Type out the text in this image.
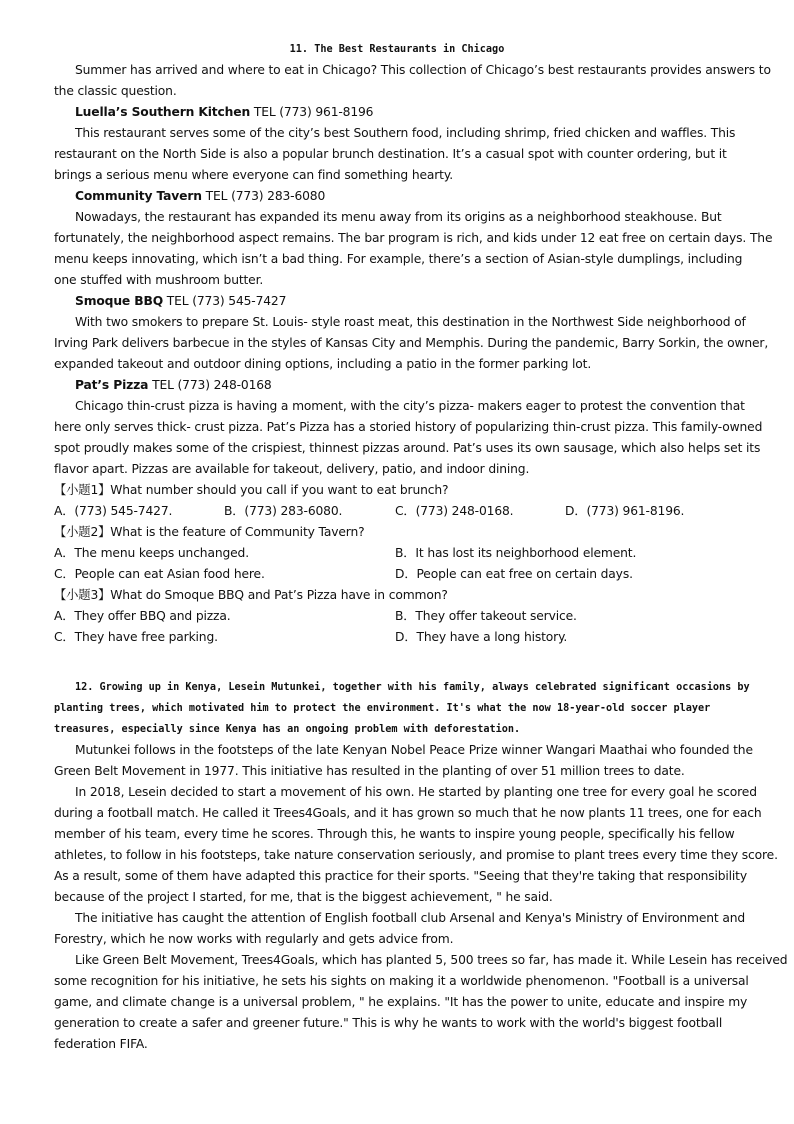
11. The Best Restaurants in Chicago
Summer has arrived and where to eat in Chicago? This collection of Chicago’s best restaurants provides answers to
the classic question.
Luella’s Southern Kitchen TEL (773) 961-8196
This restaurant serves some of the city’s best Southern food, including shrimp, fried chicken and waffles. This
restaurant on the North Side is also a popular brunch destination. It’s a casual spot with counter ordering, but it
brings a serious menu where everyone can find something hearty.
Community Tavern TEL (773) 283-6080
Nowadays, the restaurant has expanded its menu away from its origins as a neighborhood steakhouse. But
fortunately, the neighborhood aspect remains. The bar program is rich, and kids under 12 eat free on certain days. The
menu keeps innovating, which isn’t a bad thing. For example, there’s a section of Asian-style dumplings, including
one stuffed with mushroom butter.
Smoque BBQ TEL (773) 545-7427
With two smokers to prepare St. Louis- style roast meat, this destination in the Northwest Side neighborhood of
Irving Park delivers barbecue in the styles of Kansas City and Memphis. During the pandemic, Barry Sorkin, the owner,
expanded takeout and outdoor dining options, including a patio in the former parking lot.
Pat’s Pizza TEL (773) 248-0168
Chicago thin-crust pizza is having a moment, with the city’s pizza- makers eager to protest the convention that
here only serves thick- crust pizza. Pat’s Pizza has a storied history of popularizing thin-crust pizza. This family-owned
spot proudly makes some of the crispiest, thinnest pizzas around. Pat’s uses its own sausage, which also helps set its
flavor apart. Pizzas are available for takeout, delivery, patio, and indoor dining.
【小题1】What number should you call if you want to eat brunch?
A．(773) 545-7427.	B．(773) 283-6080.	C．(773) 248-0168.	D．(773) 961-8196.
【小题2】What is the feature of Community Tavern?
A．The menu keeps unchanged.	B．It has lost its neighborhood element.
C．People can eat Asian food here.	D．People can eat free on certain days.
【小题3】What do Smoque BBQ and Pat’s Pizza have in common?
A．They offer BBQ and pizza.	B．They offer takeout service.
C．They have free parking.	D．They have a long history.
12. Growing up in Kenya, Lesein Mutunkei, together with his family, always celebrated significant occasions by
planting trees, which motivated him to protect the environment. It's what the now 18-year-old soccer player
treasures, especially since Kenya has an ongoing problem with deforestation.
Mutunkei follows in the footsteps of the late Kenyan Nobel Peace Prize winner Wangari Maathai who founded the
Green Belt Movement in 1977. This initiative has resulted in the planting of over 51 million trees to date.
In 2018, Lesein decided to start a movement of his own. He started by planting one tree for every goal he scored
during a football match. He called it Trees4Goals, and it has grown so much that he now plants 11 trees, one for each
member of his team, every time he scores. Through this, he wants to inspire young people, specifically his fellow
athletes, to follow in his footsteps, take nature conservation seriously, and promise to plant trees every time they score.
As a result, some of them have adapted this practice for their sports. "Seeing that they're taking that responsibility
because of the project I started, for me, that is the biggest achievement, " he said.
The initiative has caught the attention of English football club Arsenal and Kenya's Ministry of Environment and
Forestry, which he now works with regularly and gets advice from.
Like Green Belt Movement, Trees4Goals, which has planted 5, 500 trees so far, has made it. While Lesein has received
some recognition for his initiative, he sets his sights on making it a worldwide phenomenon. "Football is a universal
game, and climate change is a universal problem, " he explains. "It has the power to unite, educate and inspire my
generation to create a safer and greener future." This is why he wants to work with the world's biggest football
federation FIFA.
